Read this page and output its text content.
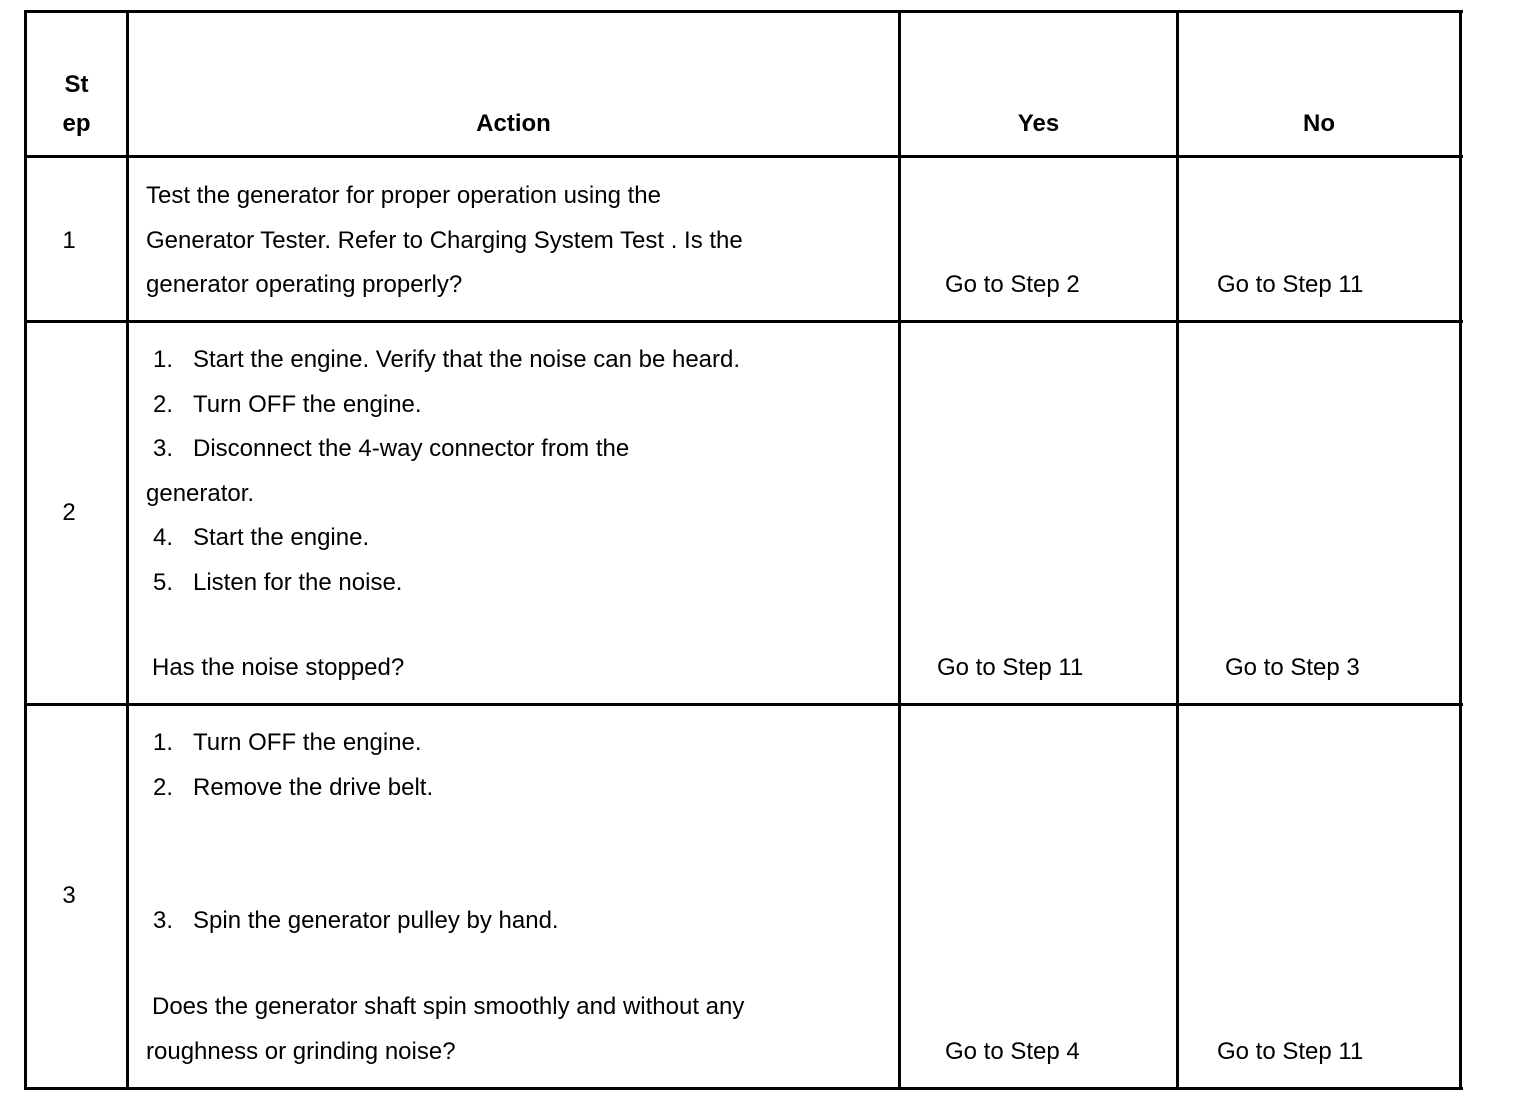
St
ep	Action	Yes	No
1
Test the generator for proper operation using the
Generator Tester. Refer to Charging System Test . Is the
generator operating properly?	Go to Step 2	Go to Step 11
2
1. Start the engine. Verify that the noise can be heard.
2. Turn OFF the engine.
3. Disconnect the 4-way connector from the
generator.
4. Start the engine.
5. Listen for the noise.
Has the noise stopped?	Go to Step 11	Go to Step 3
3
1. Turn OFF the engine.
2. Remove the drive belt.
3. Spin the generator pulley by hand.
Does the generator shaft spin smoothly and without any
roughness or grinding noise?	Go to Step 4	Go to Step 11
